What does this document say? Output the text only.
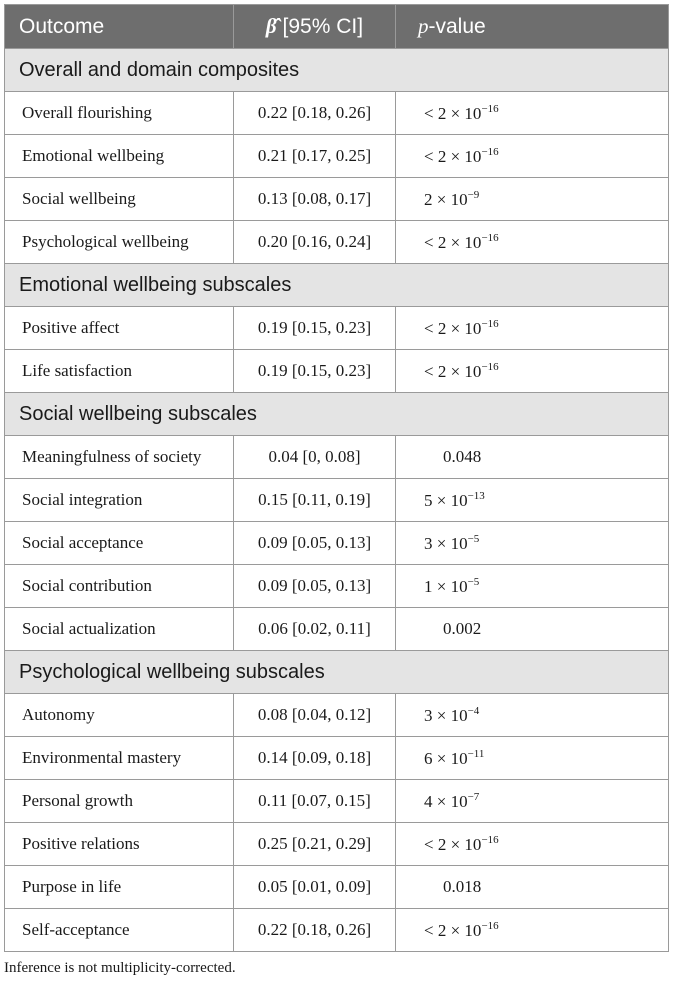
Outcome	β̂ [95% CI]	p-value
Overall and domain composites		
Overall flourishing	0.22 [0.18, 0.26]	< $2 \times 10^{-16}$
Emotional wellbeing	0.21 [0.17, 0.25]	< $2 \times 10^{-16}$
Social wellbeing	0.13 [0.08, 0.17]	$2 \times 10^{-9}$
Psychological wellbeing	0.20 [0.16, 0.24]	< $2 \times 10^{-16}$
Emotional wellbeing subscales		
Positive affect	0.19 [0.15, 0.23]	< $2 \times 10^{-16}$
Life satisfaction	0.19 [0.15, 0.23]	< $2 \times 10^{-16}$
Social wellbeing subscales		
Meaningfulness of society	0.04 [0, 0.08]	0.048
Social integration	0.15 [0.11, 0.19]	$5 \times 10^{-13}$
Social acceptance	0.09 [0.05, 0.13]	$3 \times 10^{-5}$
Social contribution	0.09 [0.05, 0.13]	$1 \times 10^{-5}$
Social actualization	0.06 [0.02, 0.11]	0.002
Psychological wellbeing subscales		
Autonomy	0.08 [0.04, 0.12]	$3 \times 10^{-4}$
Environmental mastery	0.14 [0.09, 0.18]	$6 \times 10^{-11}$
Personal growth	0.11 [0.07, 0.15]	$4 \times 10^{-7}$
Positive relations	0.25 [0.21, 0.29]	< $2 \times 10^{-16}$
Purpose in life	0.05 [0.01, 0.09]	0.018
Self-acceptance	0.22 [0.18, 0.26]	< $2 \times 10^{-16}$
Inference is not multiplicity-corrected.
